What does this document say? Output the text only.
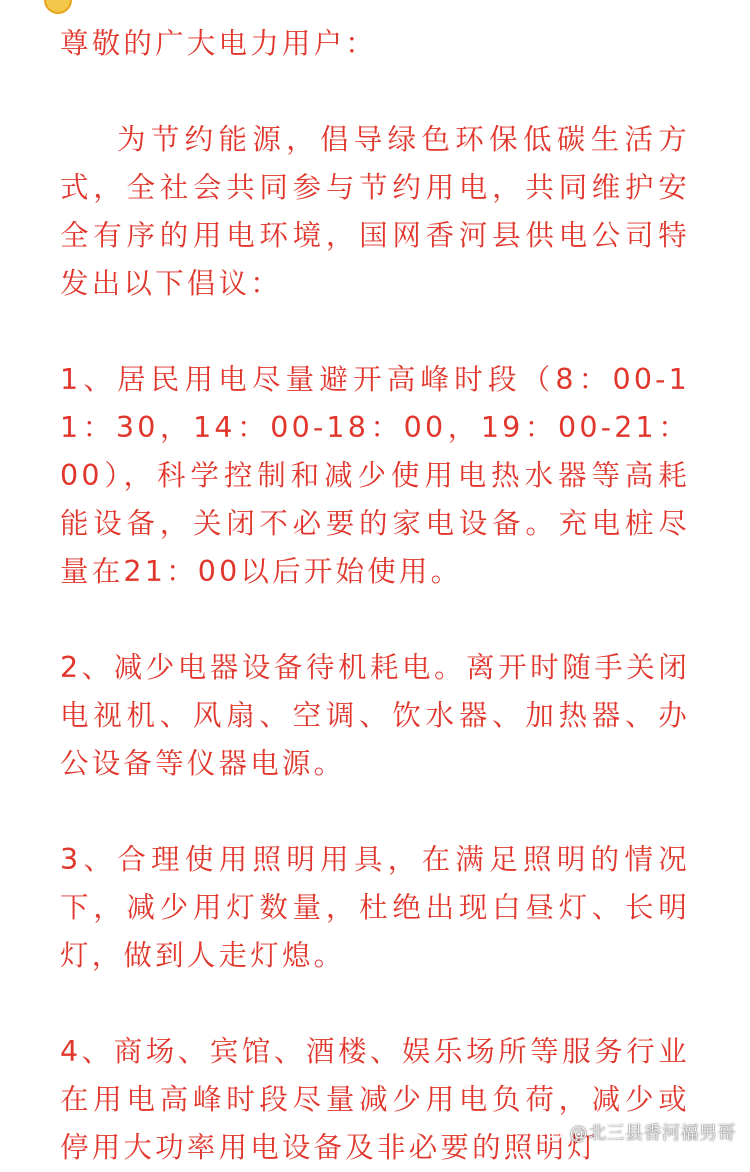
尊敬的广大电力用户：

为节约能源，倡导绿色环保低碳生活方式，全社会共同参与节约用电，共同维护安全有序的用电环境，国网香河县供电公司特发出以下倡议：

1、居民用电尽量避开高峰时段（8：00-11：30，14：00-18：00，19：00-21：00），科学控制和减少使用电热水器等高耗能设备，关闭不必要的家电设备。充电桩尽量在21：00以后开始使用。

2、减少电器设备待机耗电。离开时随手关闭电视机、风扇、空调、饮水器、加热器、办公设备等仪器电源。

3、合理使用照明用具，在满足照明的情况下，减少用灯数量，杜绝出现白昼灯、长明灯，做到人走灯熄。

4、商场、宾馆、酒楼、娱乐场所等服务行业在用电高峰时段尽量减少用电负荷，减少或停用大功率用电设备及非必要的照明灯

@北三县香河福男哥
